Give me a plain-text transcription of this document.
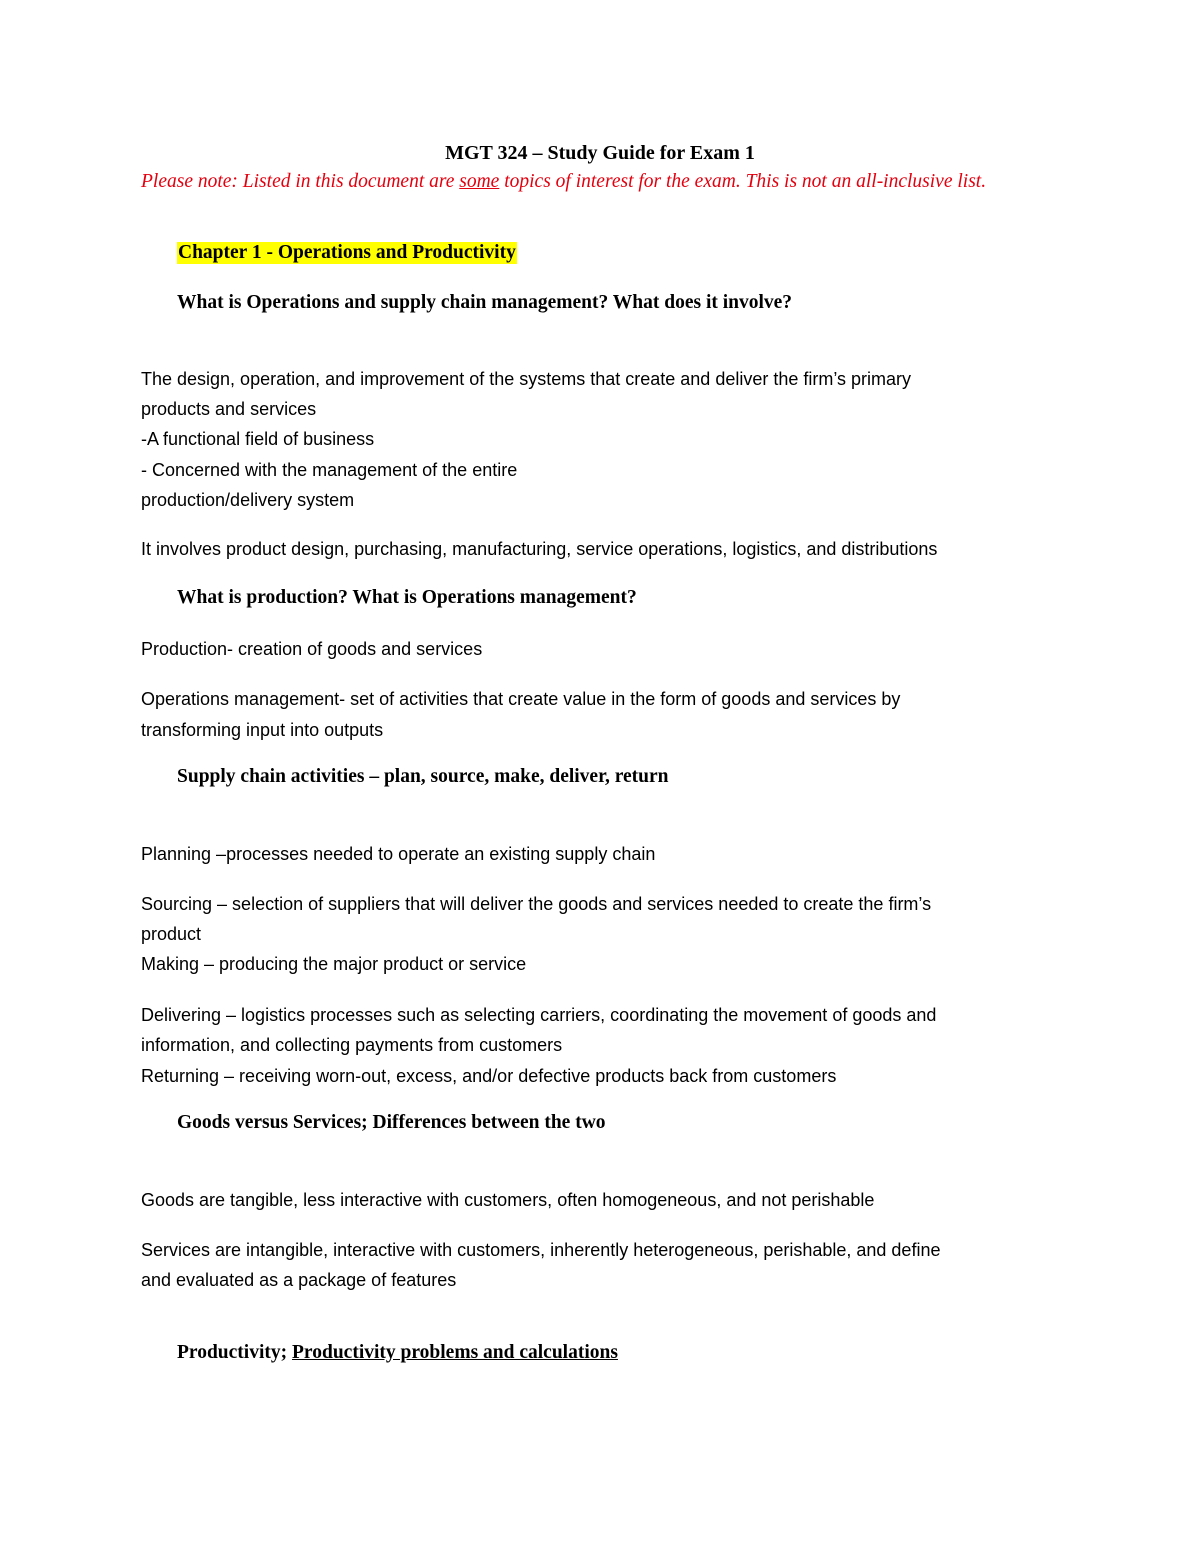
MGT 324 – Study Guide for Exam 1

Please note: Listed in this document are some topics of interest for the exam. This is not an all-inclusive list.

Chapter 1 - Operations and Productivity

What is Operations and supply chain management? What does it involve?

The design, operation, and improvement of the systems that create and deliver the firm’s primary

products and services

-A functional field of business

- Concerned with the management of the entire

production/delivery system

It involves product design, purchasing, manufacturing, service operations, logistics, and distributions

What is production? What is Operations management?

Production- creation of goods and services

Operations management- set of activities that create value in the form of goods and services by

transforming input into outputs

Supply chain activities – plan, source, make, deliver, return

Planning –processes needed to operate an existing supply chain

Sourcing – selection of suppliers that will deliver the goods and services needed to create the firm’s

product

Making – producing the major product or service

Delivering – logistics processes such as selecting carriers, coordinating the movement of goods and

information, and collecting payments from customers

Returning – receiving worn-out, excess, and/or defective products back from customers

Goods versus Services; Differences between the two

Goods are tangible, less interactive with customers, often homogeneous, and not perishable

Services are intangible, interactive with customers, inherently heterogeneous, perishable, and define

and evaluated as a package of features

Productivity; Productivity problems and calculations
